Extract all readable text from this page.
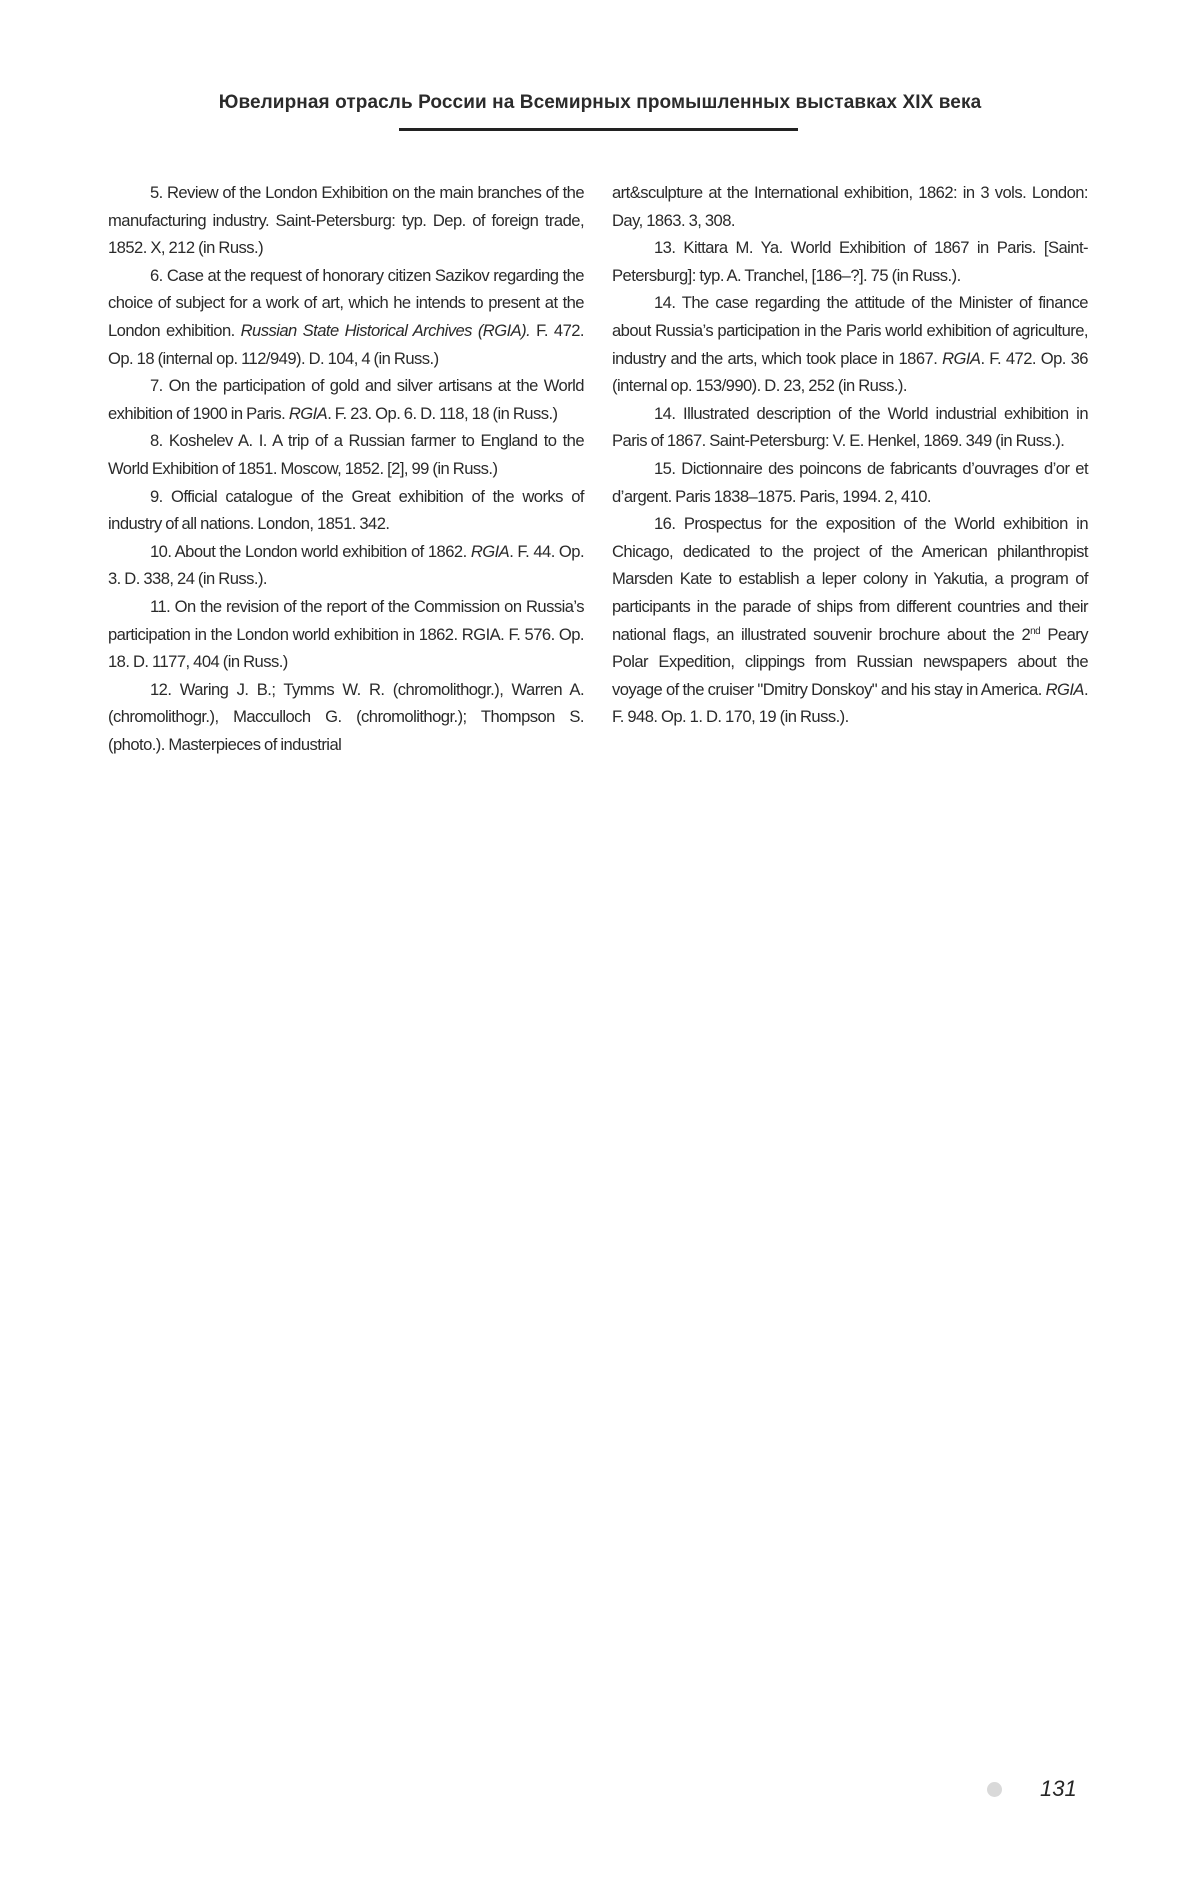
Ювелирная отрасль России на Всемирных промышленных выставках XIX века

5. Review of the London Exhibition on the main branches of the manufacturing industry. Saint-Petersburg: typ. Dep. of foreign trade, 1852. X, 212 (in Russ.)

6. Case at the request of honorary citizen Sazikov regarding the choice of subject for a work of art, which he intends to present at the London exhibition. Russian State Historical Archives (RGIA). F. 472. Op. 18 (internal op. 112/949). D. 104, 4 (in Russ.)

7. On the participation of gold and silver artisans at the World exhibition of 1900 in Paris. RGIA. F. 23. Op. 6. D. 118, 18 (in Russ.)

8. Koshelev A. I. A trip of a Russian farmer to England to the World Exhibition of 1851. Moscow, 1852. [2], 99 (in Russ.)

9. Official catalogue of the Great exhibition of the works of industry of all nations. London, 1851. 342.

10. About the London world exhibition of 1862. RGIA. F. 44. Op. 3. D. 338, 24 (in Russ.).

11. On the revision of the report of the Commission on Russia’s participation in the London world exhibition in 1862. RGIA. F. 576. Op. 18. D. 1177, 404 (in Russ.)

12. Waring J. B.; Tymms W. R. (chromolithogr.), Warren A. (chromolithogr.), Macculloch G. (chromolithogr.); Thompson S. (photo.). Masterpieces of industrial

art&sculpture at the International exhibition, 1862: in 3 vols. London: Day, 1863. 3, 308.

13. Kittara M. Ya. World Exhibition of 1867 in Paris. [Saint-Petersburg]: typ. A. Tranchel, [186–?]. 75 (in Russ.).

14. The case regarding the attitude of the Minister of finance about Russia’s participation in the Paris world exhibition of agriculture, industry and the arts, which took place in 1867. RGIA. F. 472. Op. 36 (internal op. 153/990). D. 23, 252 (in Russ.).

14. Illustrated description of the World industrial exhibition in Paris of 1867. Saint-Petersburg: V. E. Henkel, 1869. 349 (in Russ.).

15. Dictionnaire des poincons de fabricants d’ouvrages d’or et d’argent. Paris 1838–1875. Paris, 1994. 2, 410.

16. Prospectus for the exposition of the World exhibition in Chicago, dedicated to the project of the American philanthropist Marsden Kate to establish a leper colony in Yakutia, a program of participants in the parade of ships from different countries and their national flags, an illustrated souvenir brochure about the 2nd Peary Polar Expedition, clippings from Russian newspapers about the voyage of the cruiser "Dmitry Donskoy" and his stay in America. RGIA. F. 948. Op. 1. D. 170, 19 (in Russ.).

131
